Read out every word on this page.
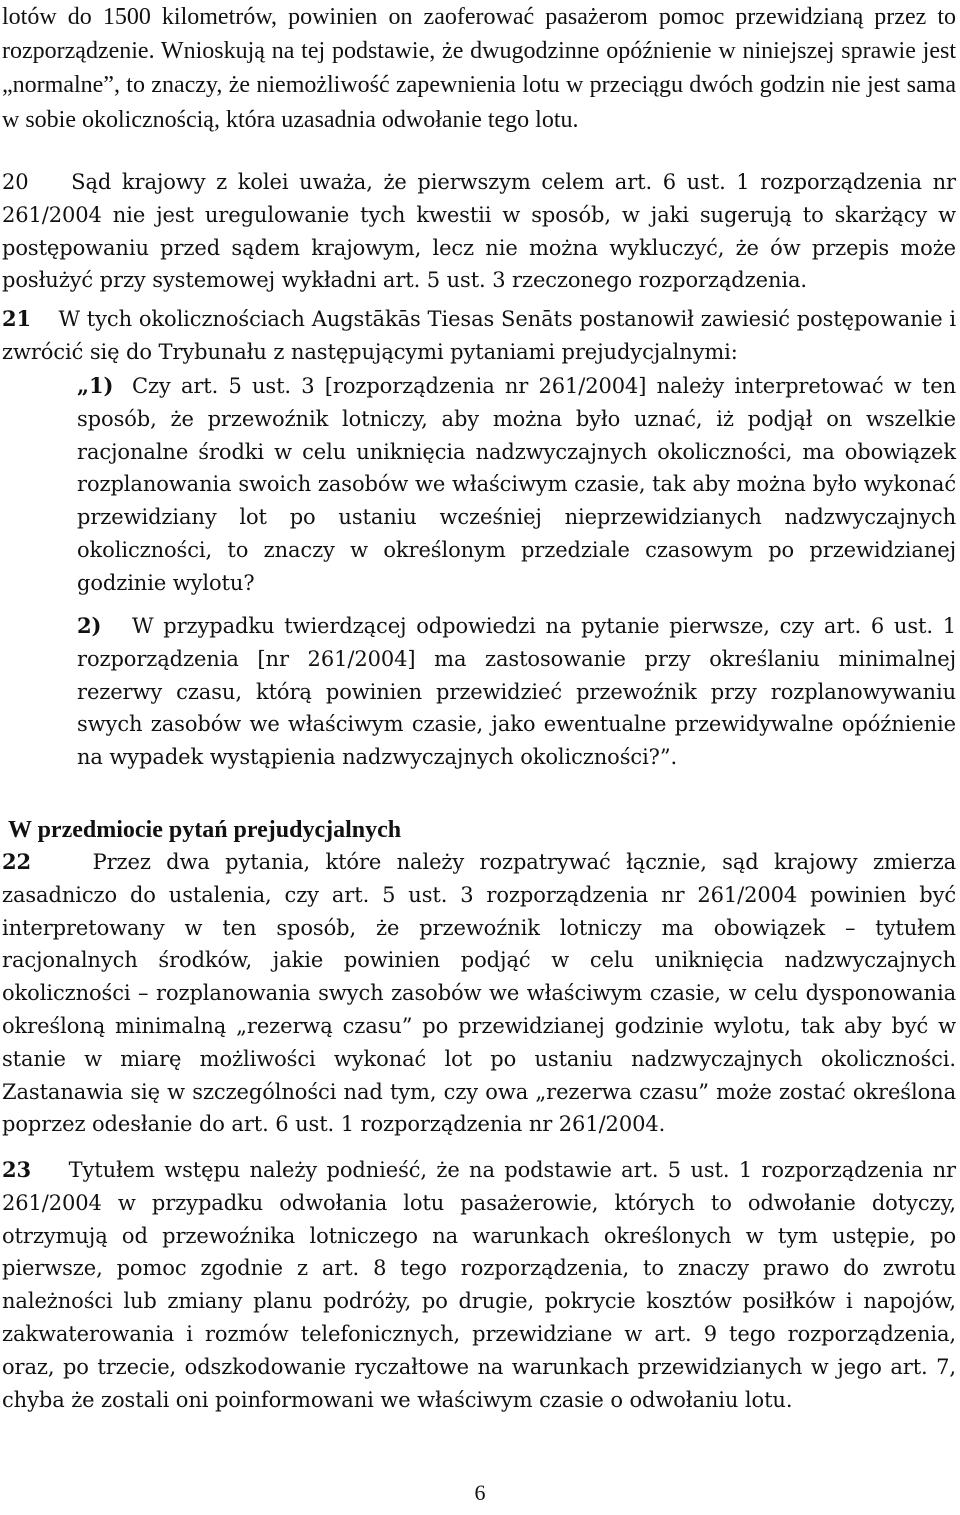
lotów do 1500 kilometrów, powinien on zaoferować pasażerom pomoc przewidzianą przez to rozporządzenie. Wnioskują na tej podstawie, że dwugodzinne opóźnienie w niniejszej sprawie jest „normalne”, to znaczy, że niemożliwość zapewnienia lotu w przeciągu dwóch godzin nie jest sama w sobie okolicznością, która uzasadnia odwołanie tego lotu.

20 Sąd krajowy z kolei uważa, że pierwszym celem art. 6 ust. 1 rozporządzenia nr 261/2004 nie jest uregulowanie tych kwestii w sposób, w jaki sugerują to skarżący w postępowaniu przed sądem krajowym, lecz nie można wykluczyć, że ów przepis może posłużyć przy systemowej wykładni art. 5 ust. 3 rzeczonego rozporządzenia.

21 W tych okolicznościach Augstākās Tiesas Senāts postanowił zawiesić postępowanie i zwrócić się do Trybunału z następującymi pytaniami prejudycjalnymi:

„1) Czy art. 5 ust. 3 [rozporządzenia nr 261/2004] należy interpretować w ten sposób, że przewoźnik lotniczy, aby można było uznać, iż podjął on wszelkie racjonalne środki w celu uniknięcia nadzwyczajnych okoliczności, ma obowiązek rozplanowania swoich zasobów we właściwym czasie, tak aby można było wykonać przewidziany lot po ustaniu wcześniej nieprzewidzianych nadzwyczajnych okoliczności, to znaczy w określonym przedziale czasowym po przewidzianej godzinie wylotu?

2) W przypadku twierdzącej odpowiedzi na pytanie pierwsze, czy art. 6 ust. 1 rozporządzenia [nr 261/2004] ma zastosowanie przy określaniu minimalnej rezerwy czasu, którą powinien przewidzieć przewoźnik przy rozplanowywaniu swych zasobów we właściwym czasie, jako ewentualne przewidywalne opóźnienie na wypadek wystąpienia nadzwyczajnych okoliczności?”.

W przedmiocie pytań prejudycjalnych

22	Przez dwa pytania, które należy rozpatrywać łącznie, sąd krajowy zmierza zasadniczo do ustalenia, czy art. 5 ust. 3 rozporządzenia nr 261/2004 powinien być interpretowany w ten sposób, że przewoźnik lotniczy ma obowiązek – tytułem racjonalnych środków, jakie powinien podjąć w celu uniknięcia nadzwyczajnych okoliczności – rozplanowania swych zasobów we właściwym czasie, w celu dysponowania określoną minimalną „rezerwą czasu” po przewidzianej godzinie wylotu, tak aby być w stanie w miarę możliwości wykonać lot po ustaniu nadzwyczajnych okoliczności. Zastanawia się w szczególności nad tym, czy owa „rezerwa czasu” może zostać określona poprzez odesłanie do art. 6 ust. 1 rozporządzenia nr 261/2004.

23 Tytułem wstępu należy podnieść, że na podstawie art. 5 ust. 1 rozporządzenia nr 261/2004 w przypadku odwołania lotu pasażerowie, których to odwołanie dotyczy, otrzymują od przewoźnika lotniczego na warunkach określonych w tym ustępie, po pierwsze, pomoc zgodnie z art. 8 tego rozporządzenia, to znaczy prawo do zwrotu należności lub zmiany planu podróży, po drugie, pokrycie kosztów posiłków i napojów, zakwaterowania i rozmów telefonicznych, przewidziane w art. 9 tego rozporządzenia, oraz, po trzecie, odszkodowanie ryczałtowe na warunkach przewidzianych w jego art. 7, chyba że zostali oni poinformowani we właściwym czasie o odwołaniu lotu.

6
